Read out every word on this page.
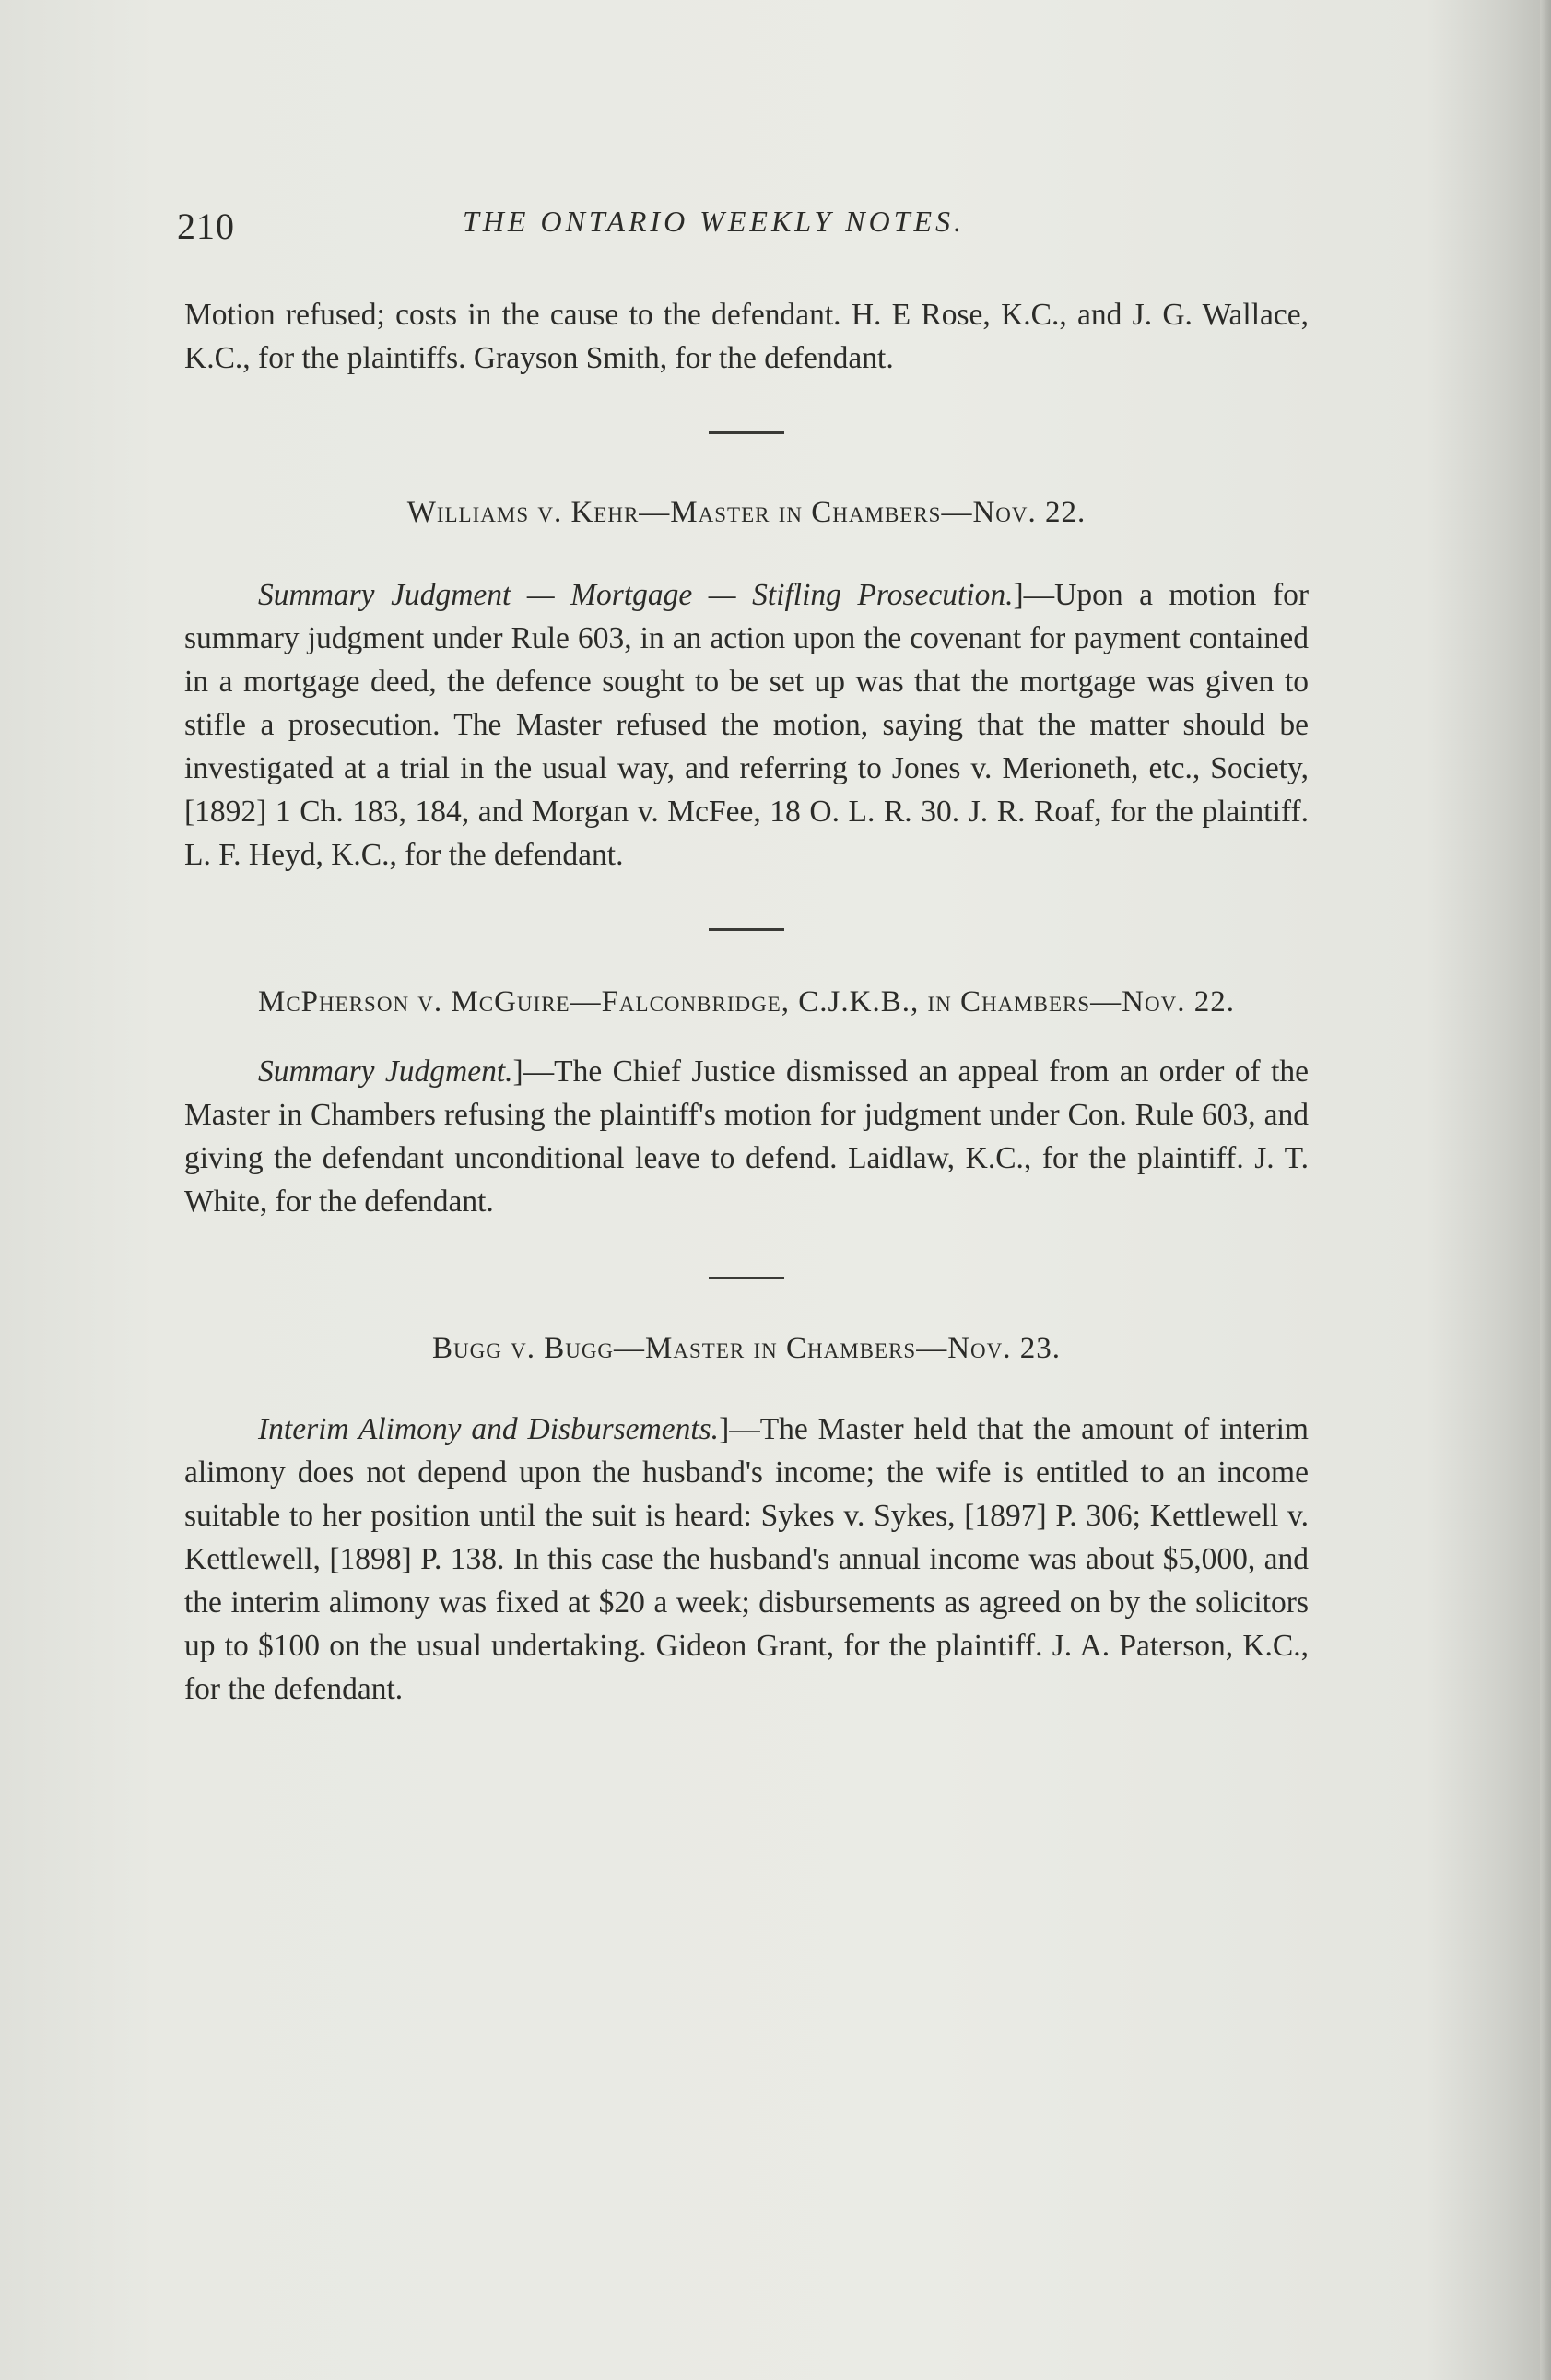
210	THE ONTARIO WEEKLY NOTES.

Motion refused; costs in the cause to the defendant. H. E Rose, K.C., and J. G. Wallace, K.C., for the plaintiffs. Grayson Smith, for the defendant.

Williams v. Kehr—Master in Chambers—Nov. 22.

Summary Judgment — Mortgage — Stifling Prosecution.]—Upon a motion for summary judgment under Rule 603, in an action upon the covenant for payment contained in a mortgage deed, the defence sought to be set up was that the mortgage was given to stifle a prosecution. The Master refused the motion, saying that the matter should be investigated at a trial in the usual way, and referring to Jones v. Merioneth, etc., Society, [1892] 1 Ch. 183, 184, and Morgan v. McFee, 18 O. L. R. 30. J. R. Roaf, for the plaintiff. L. F. Heyd, K.C., for the defendant.

McPherson v. McGuire—Falconbridge, C.J.K.B., in Chambers—Nov. 22.

Summary Judgment.]—The Chief Justice dismissed an appeal from an order of the Master in Chambers refusing the plaintiff's motion for judgment under Con. Rule 603, and giving the defendant unconditional leave to defend. Laidlaw, K.C., for the plaintiff. J. T. White, for the defendant.

Bugg v. Bugg—Master in Chambers—Nov. 23.

Interim Alimony and Disbursements.]—The Master held that the amount of interim alimony does not depend upon the husband's income; the wife is entitled to an income suitable to her position until the suit is heard: Sykes v. Sykes, [1897] P. 306; Kettlewell v. Kettlewell, [1898] P. 138. In this case the husband's annual income was about $5,000, and the interim alimony was fixed at $20 a week; disbursements as agreed on by the solicitors up to $100 on the usual undertaking. Gideon Grant, for the plaintiff. J. A. Paterson, K.C., for the defendant.
